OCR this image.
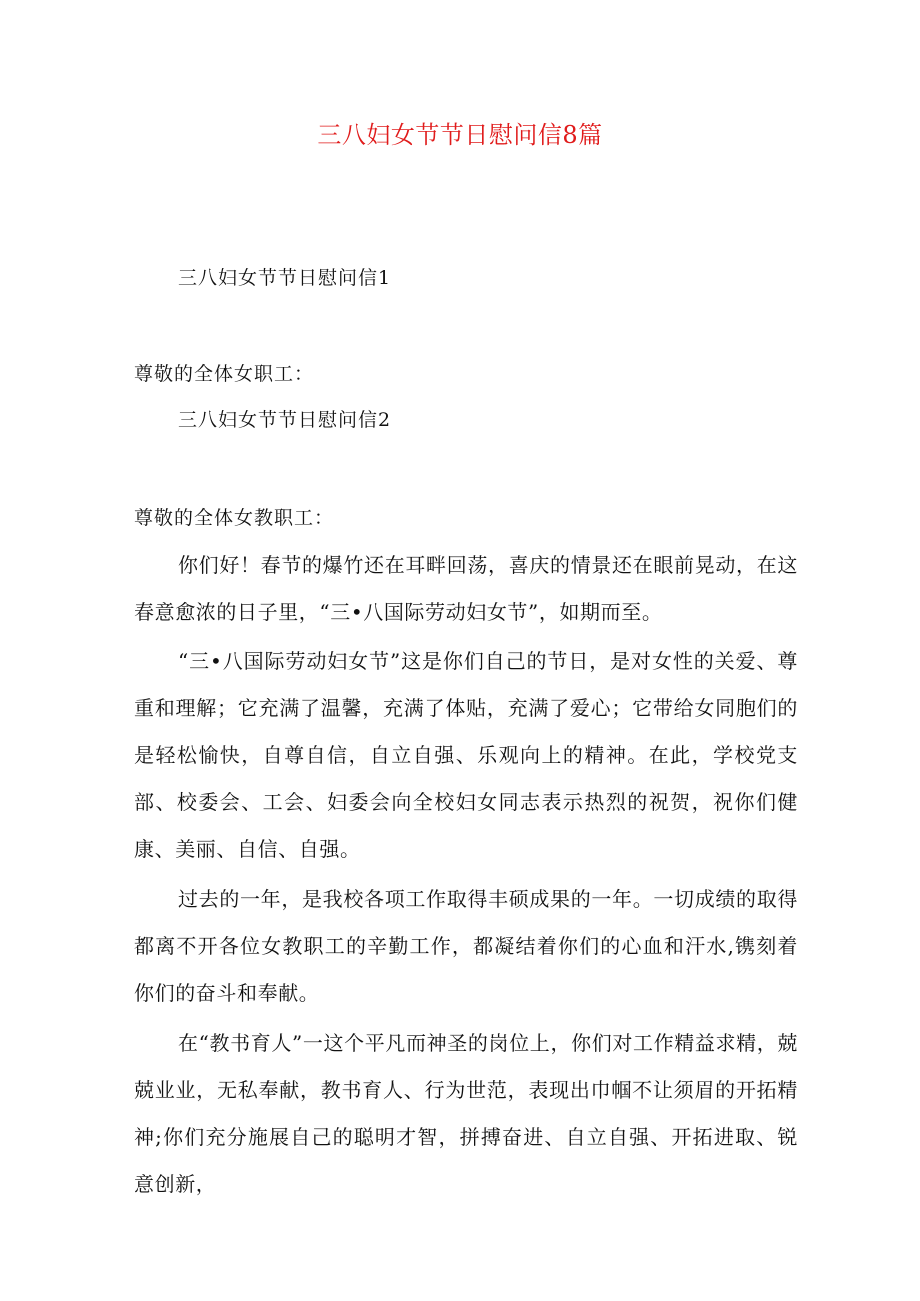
三八妇女节节日慰问信8篇
三八妇女节节日慰问信1
尊敬的全体女职工：
三八妇女节节日慰问信2
尊敬的全体女教职工：

你们好！春节的爆竹还在耳畔回荡，喜庆的情景还在眼前晃动，在这春意愈浓的日子里，“三•八国际劳动妇女节”，如期而至。

“三•八国际劳动妇女节”这是你们自己的节日，是对女性的关爱、尊重和理解；它充满了温馨，充满了体贴，充满了爱心；它带给女同胞们的是轻松愉快，自尊自信，自立自强、乐观向上的精神。在此，学校党支部、校委会、工会、妇委会向全校妇女同志表示热烈的祝贺，祝你们健康、美丽、自信、自强。

过去的一年，是我校各项工作取得丰硕成果的一年。一切成绩的取得都离不开各位女教职工的辛勤工作，都凝结着你们的心血和汗水,镌刻着你们的奋斗和奉献。

在“教书育人”一这个平凡而神圣的岗位上，你们对工作精益求精，兢兢业业，无私奉献，教书育人、行为世范，表现出巾帼不让须眉的开拓精神;你们充分施展自己的聪明才智，拼搏奋进、自立自强、开拓进取、锐意创新，
